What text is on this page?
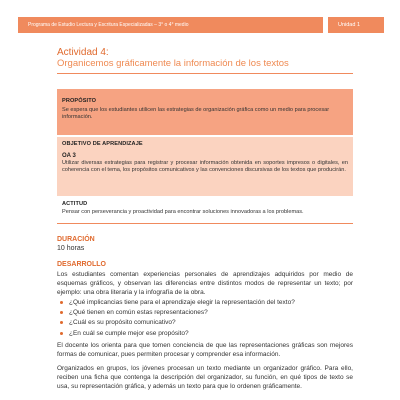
Programa de Estudio Lectura y Escritura Especializadas – 3° o 4° medio	Unidad 1
Actividad 4:
Organicemos gráficamente la información de los textos
PROPÓSITO
Se espera que los estudiantes utilicen las estrategias de organización gráfica como un medio para procesar información.
OBJETIVO DE APRENDIZAJE
OA 3
Utilizar diversas estrategias para registrar y procesar información obtenida en soportes impresos o digitales, en coherencia con el tema, los propósitos comunicativos y las convenciones discursivas de los textos que producirán.
ACTITUD
Pensar con perseverancia y proactividad para encontrar soluciones innovadoras a los problemas.
DURACIÓN
10 horas
DESARROLLO
Los estudiantes comentan experiencias personales de aprendizajes adquiridos por medio de esquemas gráficos, y observan las diferencias entre distintos modos de representar un texto; por ejemplo: una obra literaria y la infografía de la obra.
¿Qué implicancias tiene para el aprendizaje elegir la representación del texto?
¿Qué tienen en común estas representaciones?
¿Cuál es su propósito comunicativo?
¿En cuál se cumple mejor ese propósito?
El docente los orienta para que tomen conciencia de que las representaciones gráficas son mejores formas de comunicar, pues permiten procesar y comprender esa información.
Organizados en grupos, los jóvenes procesan un texto mediante un organizador gráfico. Para ello, reciben una ficha que contenga la descripción del organizador, su función, en qué tipos de texto se usa, su representación gráfica, y además un texto para que lo ordenen gráficamente.
